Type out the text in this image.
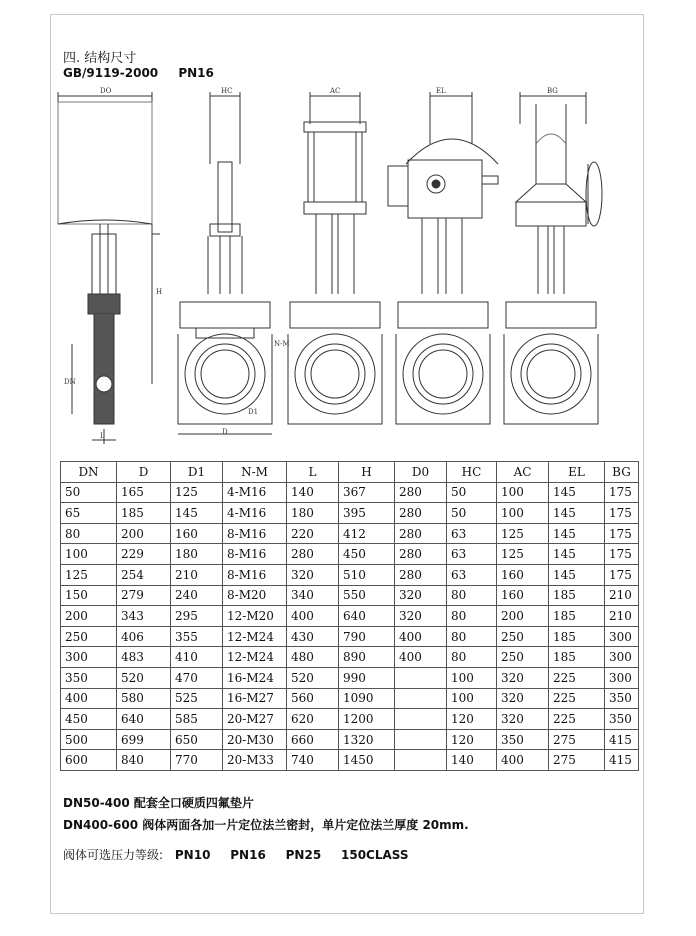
四. 结构尺寸
GB/9119-2000 PN16
DO
H
DN
L
HC	AC	EL	BG
D
N-M
D1
DN	D	D1	N-M	L	H	D0	HC	AC	EL	BG
50	165	125	4-M16	140	367	280	50	100	145	175
65	185	145	4-M16	180	395	280	50	100	145	175
80	200	160	8-M16	220	412	280	63	125	145	175
100	229	180	8-M16	280	450	280	63	125	145	175
125	254	210	8-M16	320	510	280	63	160	145	175
150	279	240	8-M20	340	550	320	80	160	185	210
200	343	295	12-M20	400	640	320	80	200	185	210
250	406	355	12-M24	430	790	400	80	250	185	300
300	483	410	12-M24	480	890	400	80	250	185	300
350	520	470	16-M24	520	990		100	320	225	300
400	580	525	16-M27	560	1090		100	320	225	350
450	640	585	20-M27	620	1200		120	320	225	350
500	699	650	20-M30	660	1320		120	350	275	415
600	840	770	20-M33	740	1450		140	400	275	415
DN50-400 配套全口硬质四氟垫片
DN400-600 阀体两面各加一片定位法兰密封，单片定位法兰厚度 20mm.
阀体可选压力等级: PN10 PN16 PN25 150CLASS
